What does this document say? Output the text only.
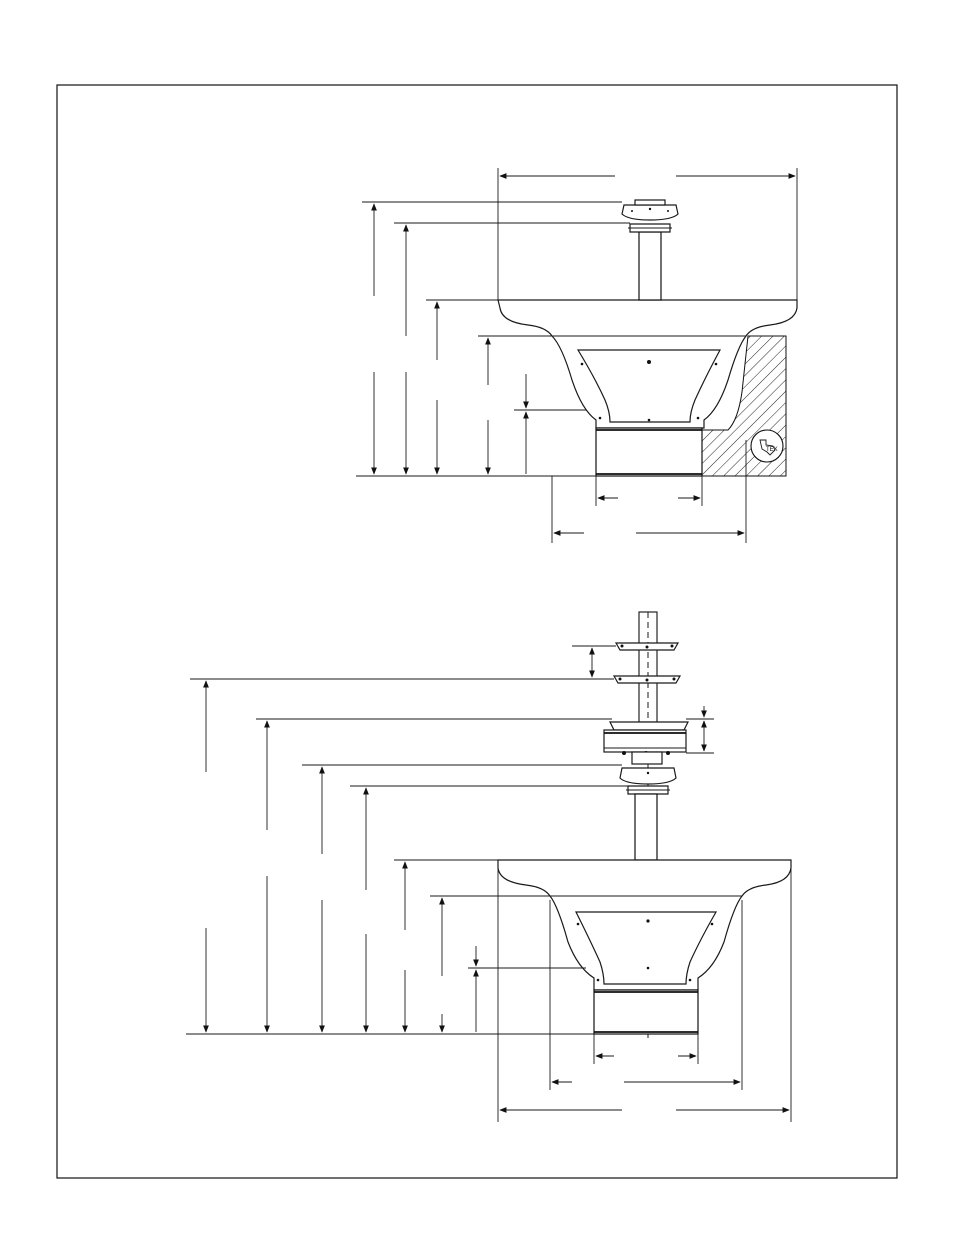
TEX
